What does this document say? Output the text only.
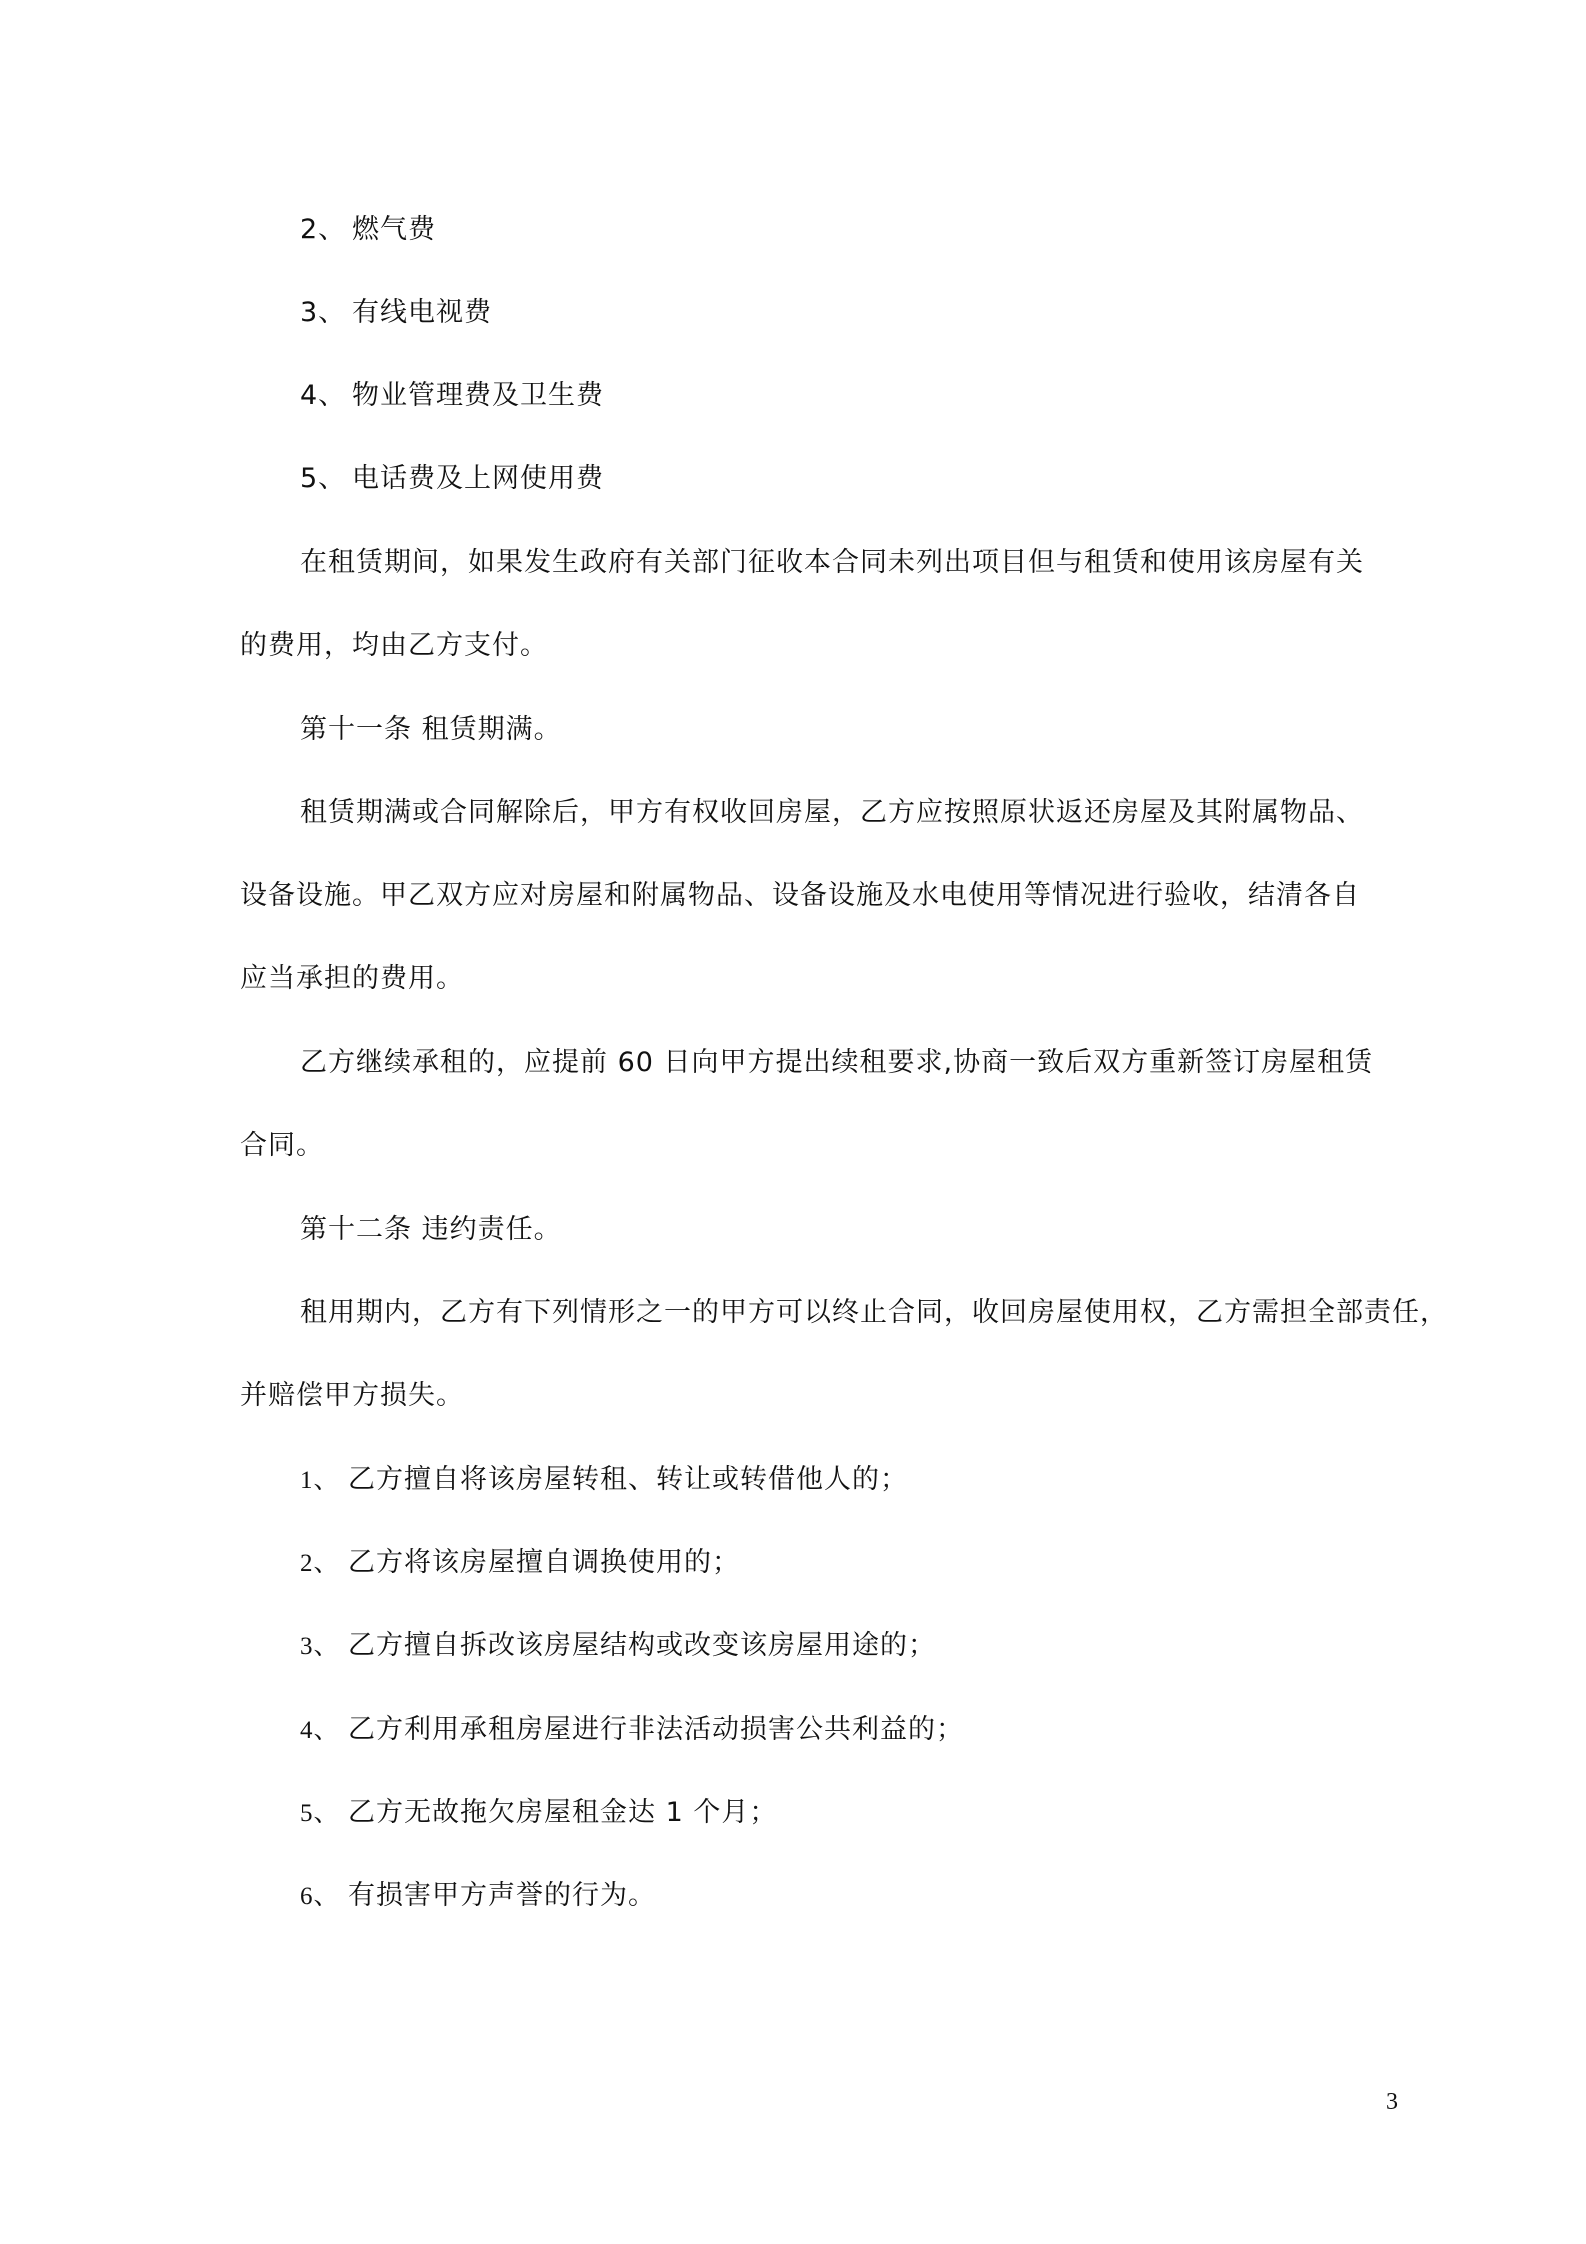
2、 燃气费

3、 有线电视费

4、 物业管理费及卫生费

5、 电话费及上网使用费

在租赁期间，如果发生政府有关部门征收本合同未列出项目但与租赁和使用该房屋有关

的费用，均由乙方支付。

第十一条 租赁期满。

租赁期满或合同解除后，甲方有权收回房屋，乙方应按照原状返还房屋及其附属物品、

设备设施。甲乙双方应对房屋和附属物品、设备设施及水电使用等情况进行验收，结清各自

应当承担的费用。

乙方继续承租的，应提前 60 日向甲方提出续租要求,协商一致后双方重新签订房屋租赁

合同。

第十二条 违约责任。

租用期内，乙方有下列情形之一的甲方可以终止合同，收回房屋使用权，乙方需担全部责任，

并赔偿甲方损失。

1、 乙方擅自将该房屋转租、转让或转借他人的；

2、 乙方将该房屋擅自调换使用的；

3、 乙方擅自拆改该房屋结构或改变该房屋用途的；

4、 乙方利用承租房屋进行非法活动损害公共利益的；

5、 乙方无故拖欠房屋租金达 1 个月；

6、 有损害甲方声誉的行为。

3
